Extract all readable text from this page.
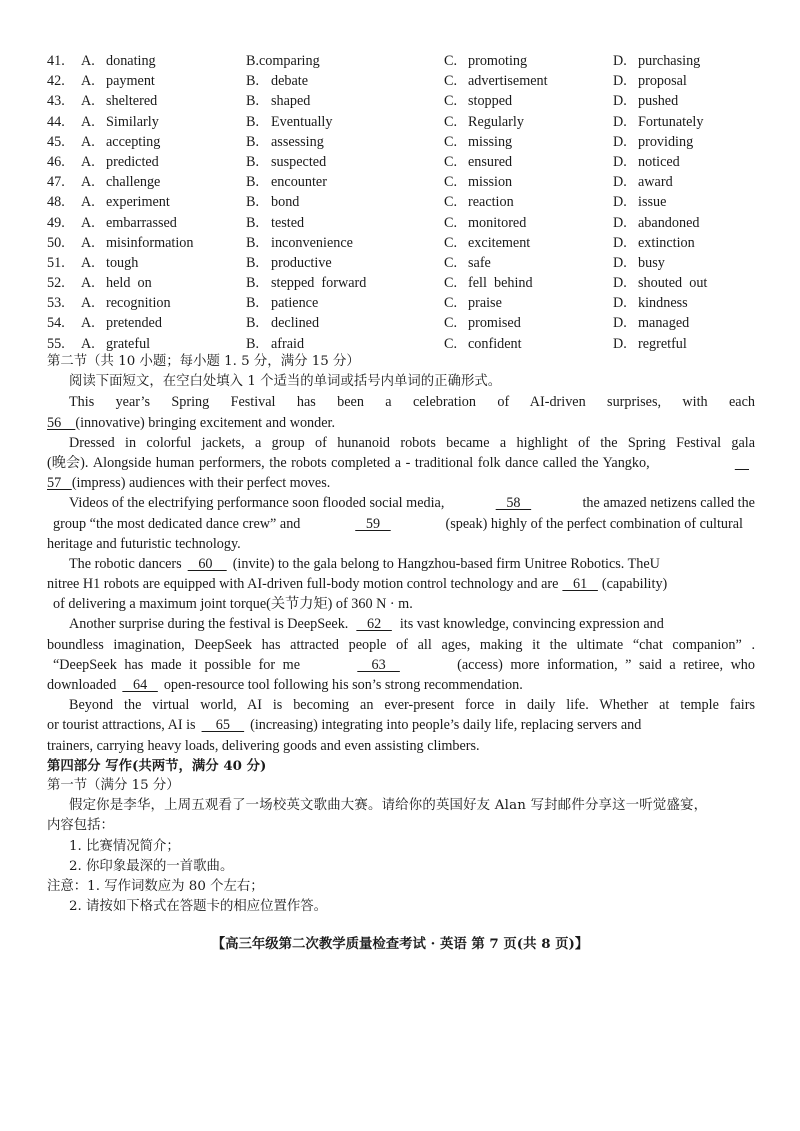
41. A. donating	B. comparing	C. promoting	D. purchasing
42. A. payment	B. debate	C. advertisement	D. proposal
43. A. sheltered	B. shaped	C. stopped	D. pushed
44. A. Similarly	B. Eventually	C. Regularly	D. Fortunately
45. A. accepting	B. assessing	C. missing	D. providing
46. A. predicted	B. suspected	C. ensured	D. noticed
47. A. challenge	B. encounter	C. mission	D. award
48. A. experiment	B. bond	C. reaction	D. issue
49. A. embarrassed	B. tested	C. monitored	D. abandoned
50. A. misinformation	B. inconvenience	C. excitement	D. extinction
51. A. tough	B. productive	C. safe	D. busy
52. A. held  on	B. stepped  forward	C. fell  behind	D. shouted  out
53. A. recognition	B. patience	C. praise	D. kindness
54. A. pretended	B. declined	C. promised	D. managed
55. A. grateful	B. afraid	C. confident	D. regretful
第二节（共 10 小题；每小题 1. 5 分，满分 15 分）
阅读下面短文，在空白处填入 1 个适当的单词或括号内单词的正确形式。
This year’s Spring Festival has been a celebration of AI-driven surprises, with each
56    (innovative) bringing excitement and wonder.
Dressed in colorful jackets, a group of hunanoid robots became a highlight of the Spring Festival gala
(晚会). Alongside human performers, the robots completed a - traditional folk dance called the Yangko,

57   (impress) audiences with their perfect moves.
Videos of the electrifying performance soon flooded social media,	58	the amazed netizens called the
group “the most dedicated dance crew” and	59	(speak) highly of the perfect combination of cultural
heritage and futuristic technology.
The robotic dancers 60 (invite) to the gala belong to Hangzhou-based firm Unitree Robotics. TheU
nitree H1 robots are equipped with AI-driven full-body motion control technology and are 61 (capability)
of delivering a maximum joint torque(关节力矩) of 360 N · m.
Another surprise during the festival is DeepSeek. 62 its vast knowledge, convincing expression and
boundless imagination, DeepSeek has attracted people of all ages, making it the ultimate “chat companion” .
“DeepSeek has made it possible for me	63	(access) more information, ” said a retiree, who
downloaded 64 open-resource tool following his son’s strong recommendation.
Beyond the virtual world, AI is becoming an ever-present force in daily life. Whether at temple fairs
or tourist attractions, AI is 65 (increasing) integrating into people’s daily life, replacing servers and
trainers, carrying heavy loads, delivering goods and even assisting climbers.
第四部分 写作(共两节，满分 40 分)
第一节（满分 15 分）
假定你是李华，上周五观看了一场校英文歌曲大赛。请给你的英国好友 Alan 写封邮件分享这一听觉盛宴，
内容包括：
1. 比赛情况简介；
2. 你印象最深的一首歌曲。
注意：1. 写作词数应为 80 个左右；
2. 请按如下格式在答题卡的相应位置作答。
【高三年级第二次教学质量检查考试 · 英语 第 7 页(共 8 页)】
